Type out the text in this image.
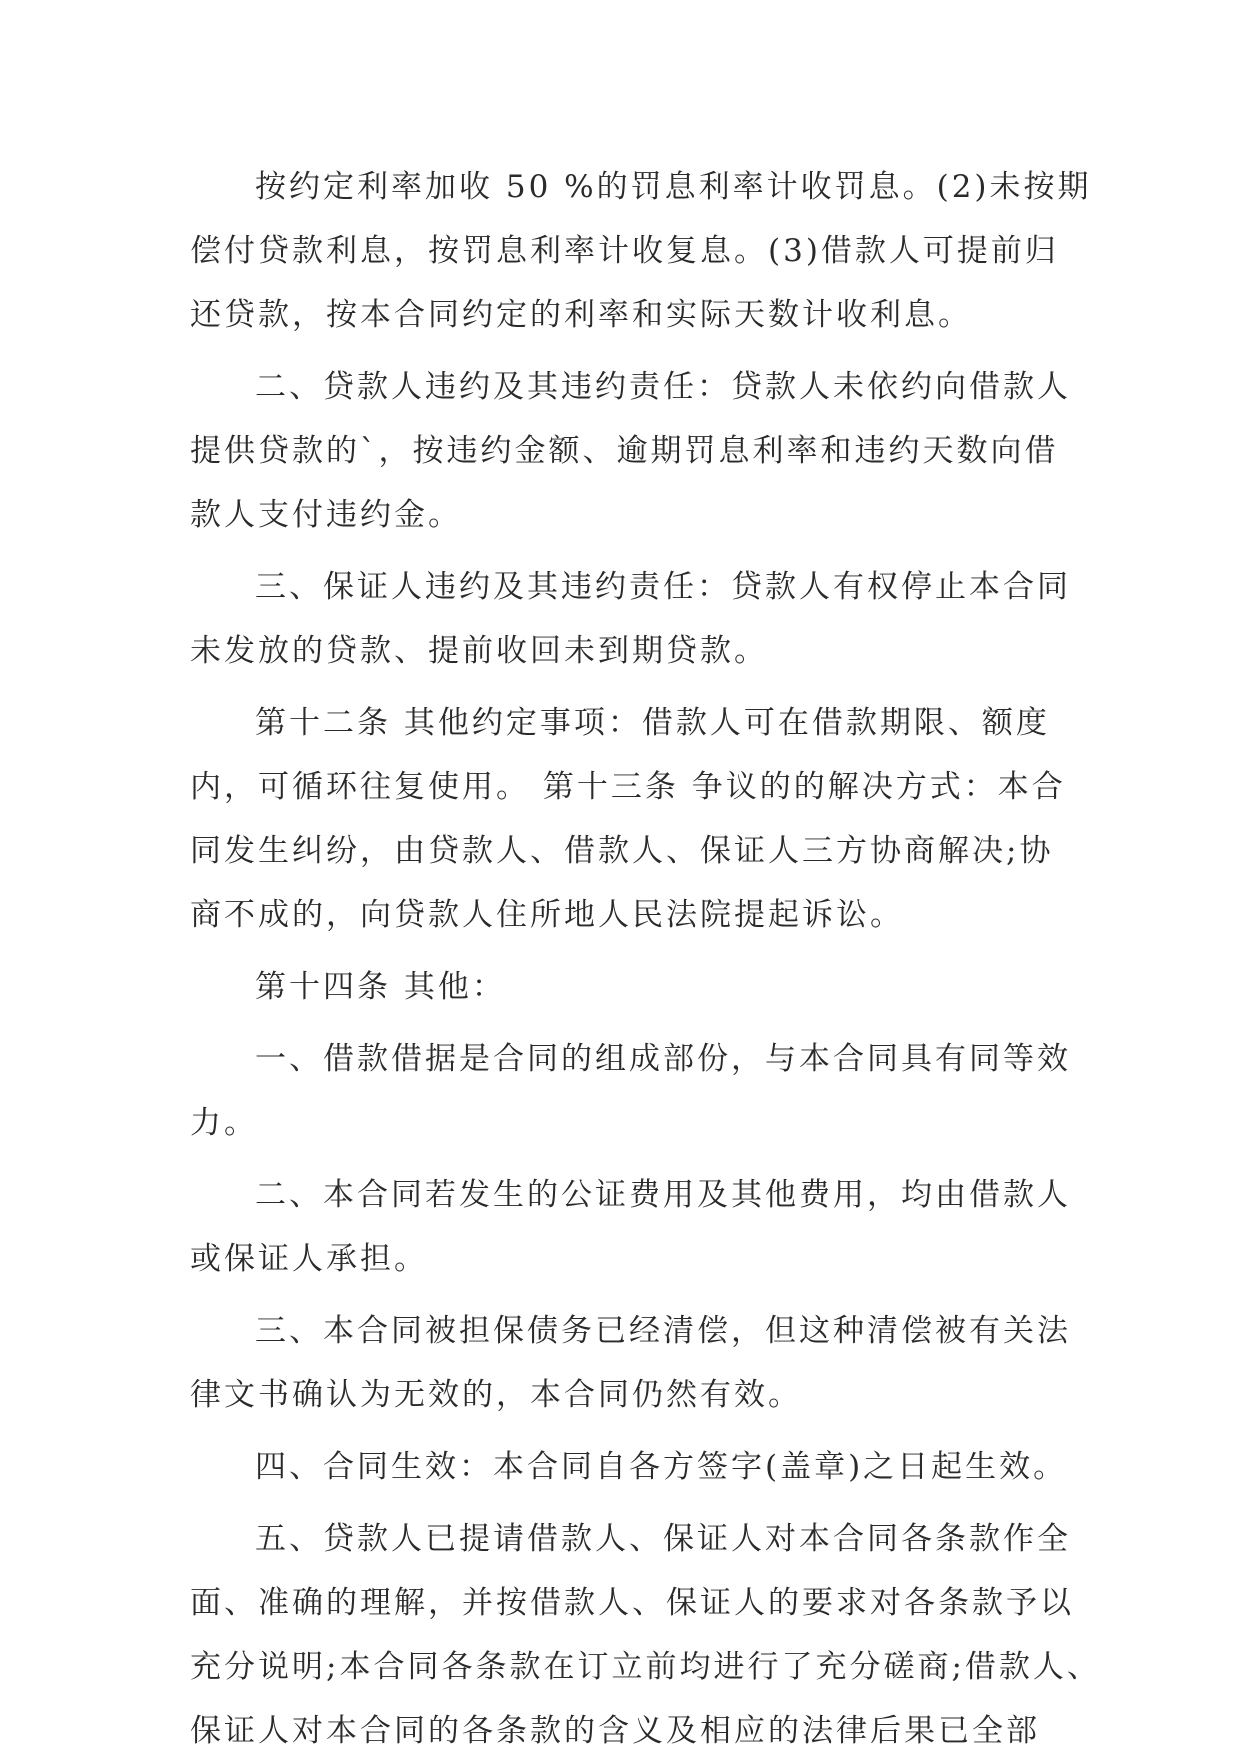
按约定利率加收 50 %的罚息利率计收罚息。(2)未按期
偿付贷款利息，按罚息利率计收复息。(3)借款人可提前归
还贷款，按本合同约定的利率和实际天数计收利息。
二、贷款人违约及其违约责任：贷款人未依约向借款人
提供贷款的`，按违约金额、逾期罚息利率和违约天数向借
款人支付违约金。
三、保证人违约及其违约责任：贷款人有权停止本合同
未发放的贷款、提前收回未到期贷款。
第十二条 其他约定事项：借款人可在借款期限、额度
内，可循环往复使用。 第十三条 争议的的解决方式：本合
同发生纠纷，由贷款人、借款人、保证人三方协商解决;协
商不成的，向贷款人住所地人民法院提起诉讼。
第十四条 其他：
一、借款借据是合同的组成部份，与本合同具有同等效
力。
二、本合同若发生的公证费用及其他费用，均由借款人
或保证人承担。
三、本合同被担保债务已经清偿，但这种清偿被有关法
律文书确认为无效的，本合同仍然有效。
四、合同生效：本合同自各方签字(盖章)之日起生效。
五、贷款人已提请借款人、保证人对本合同各条款作全
面、准确的理解，并按借款人、保证人的要求对各条款予以
充分说明;本合同各条款在订立前均进行了充分磋商;借款人、
保证人对本合同的各条款的含义及相应的法律后果已全部
